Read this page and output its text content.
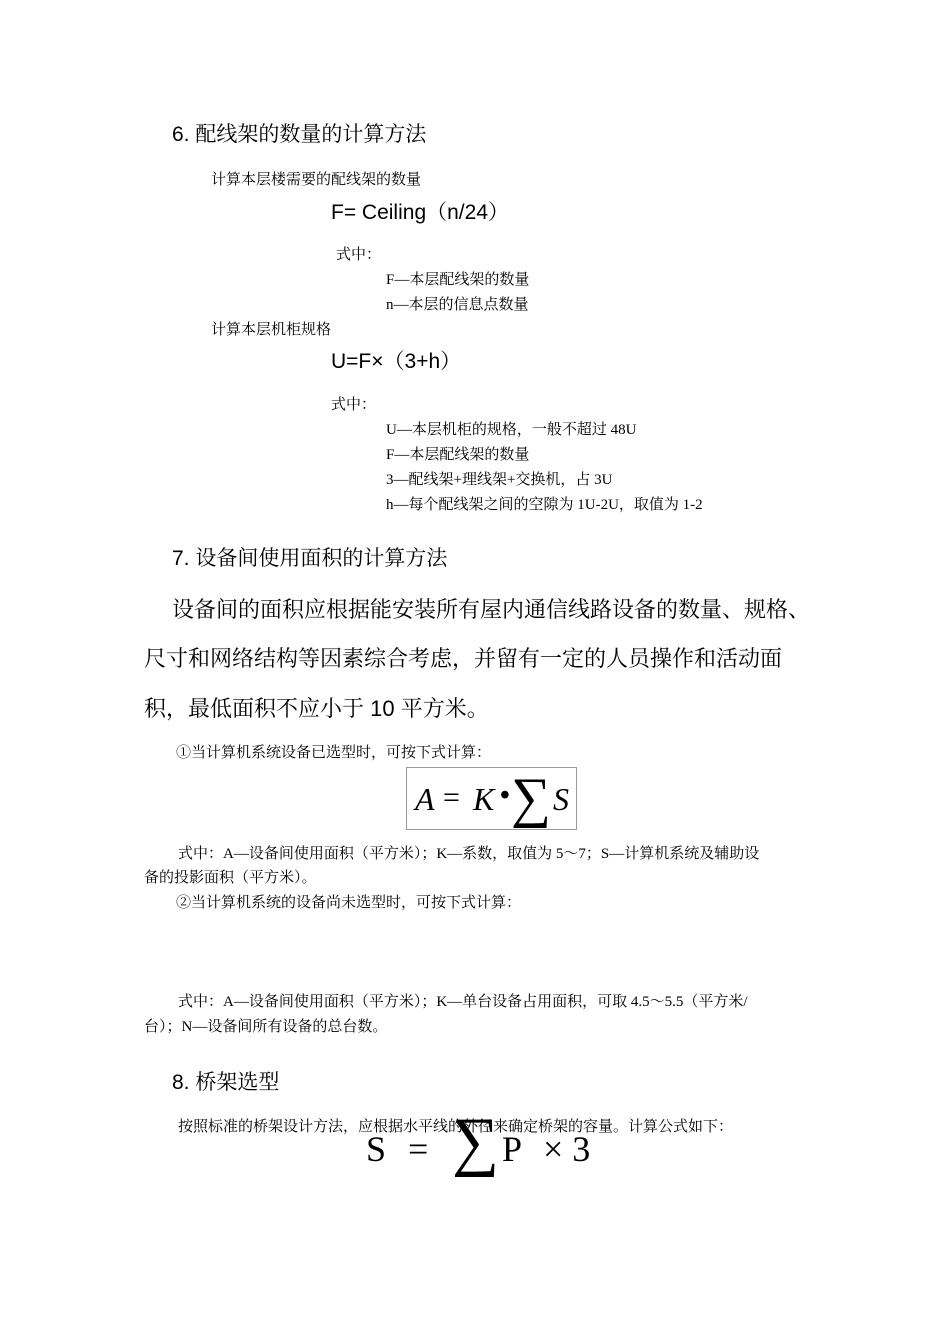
6. 配线架的数量的计算方法
计算本层楼需要的配线架的数量
F= Ceiling（n/24）
式中：
F—本层配线架的数量
n—本层的信息点数量
计算本层机柜规格
U=F×（3+h）
式中：
U—本层机柜的规格，一般不超过 48U
F—本层配线架的数量
3—配线架+理线架+交换机，占 3U
h—每个配线架之间的空隙为 1U-2U，取值为 1-2
7. 设备间使用面积的计算方法
设备间的面积应根据能安装所有屋内通信线路设备的数量、规格、
尺寸和网络结构等因素综合考虑，并留有一定的人员操作和活动面
积，最低面积不应小于 10 平方米。
①当计算机系统设备已选型时，可按下式计算：
A = K • ∑ S
式中：A—设备间使用面积（平方米）；K—系数，取值为 5～7；S—计算机系统及辅助设
备的投影面积（平方米）。
②当计算机系统的设备尚未选型时，可按下式计算：
式中：A—设备间使用面积（平方米）；K—单台设备占用面积，可取 4.5～5.5（平方米/
台）；N—设备间所有设备的总台数。
8. 桥架选型
按照标准的桥架设计方法，应根据水平线的外径来确定桥架的容量。计算公式如下：
S = ∑ P × 3
